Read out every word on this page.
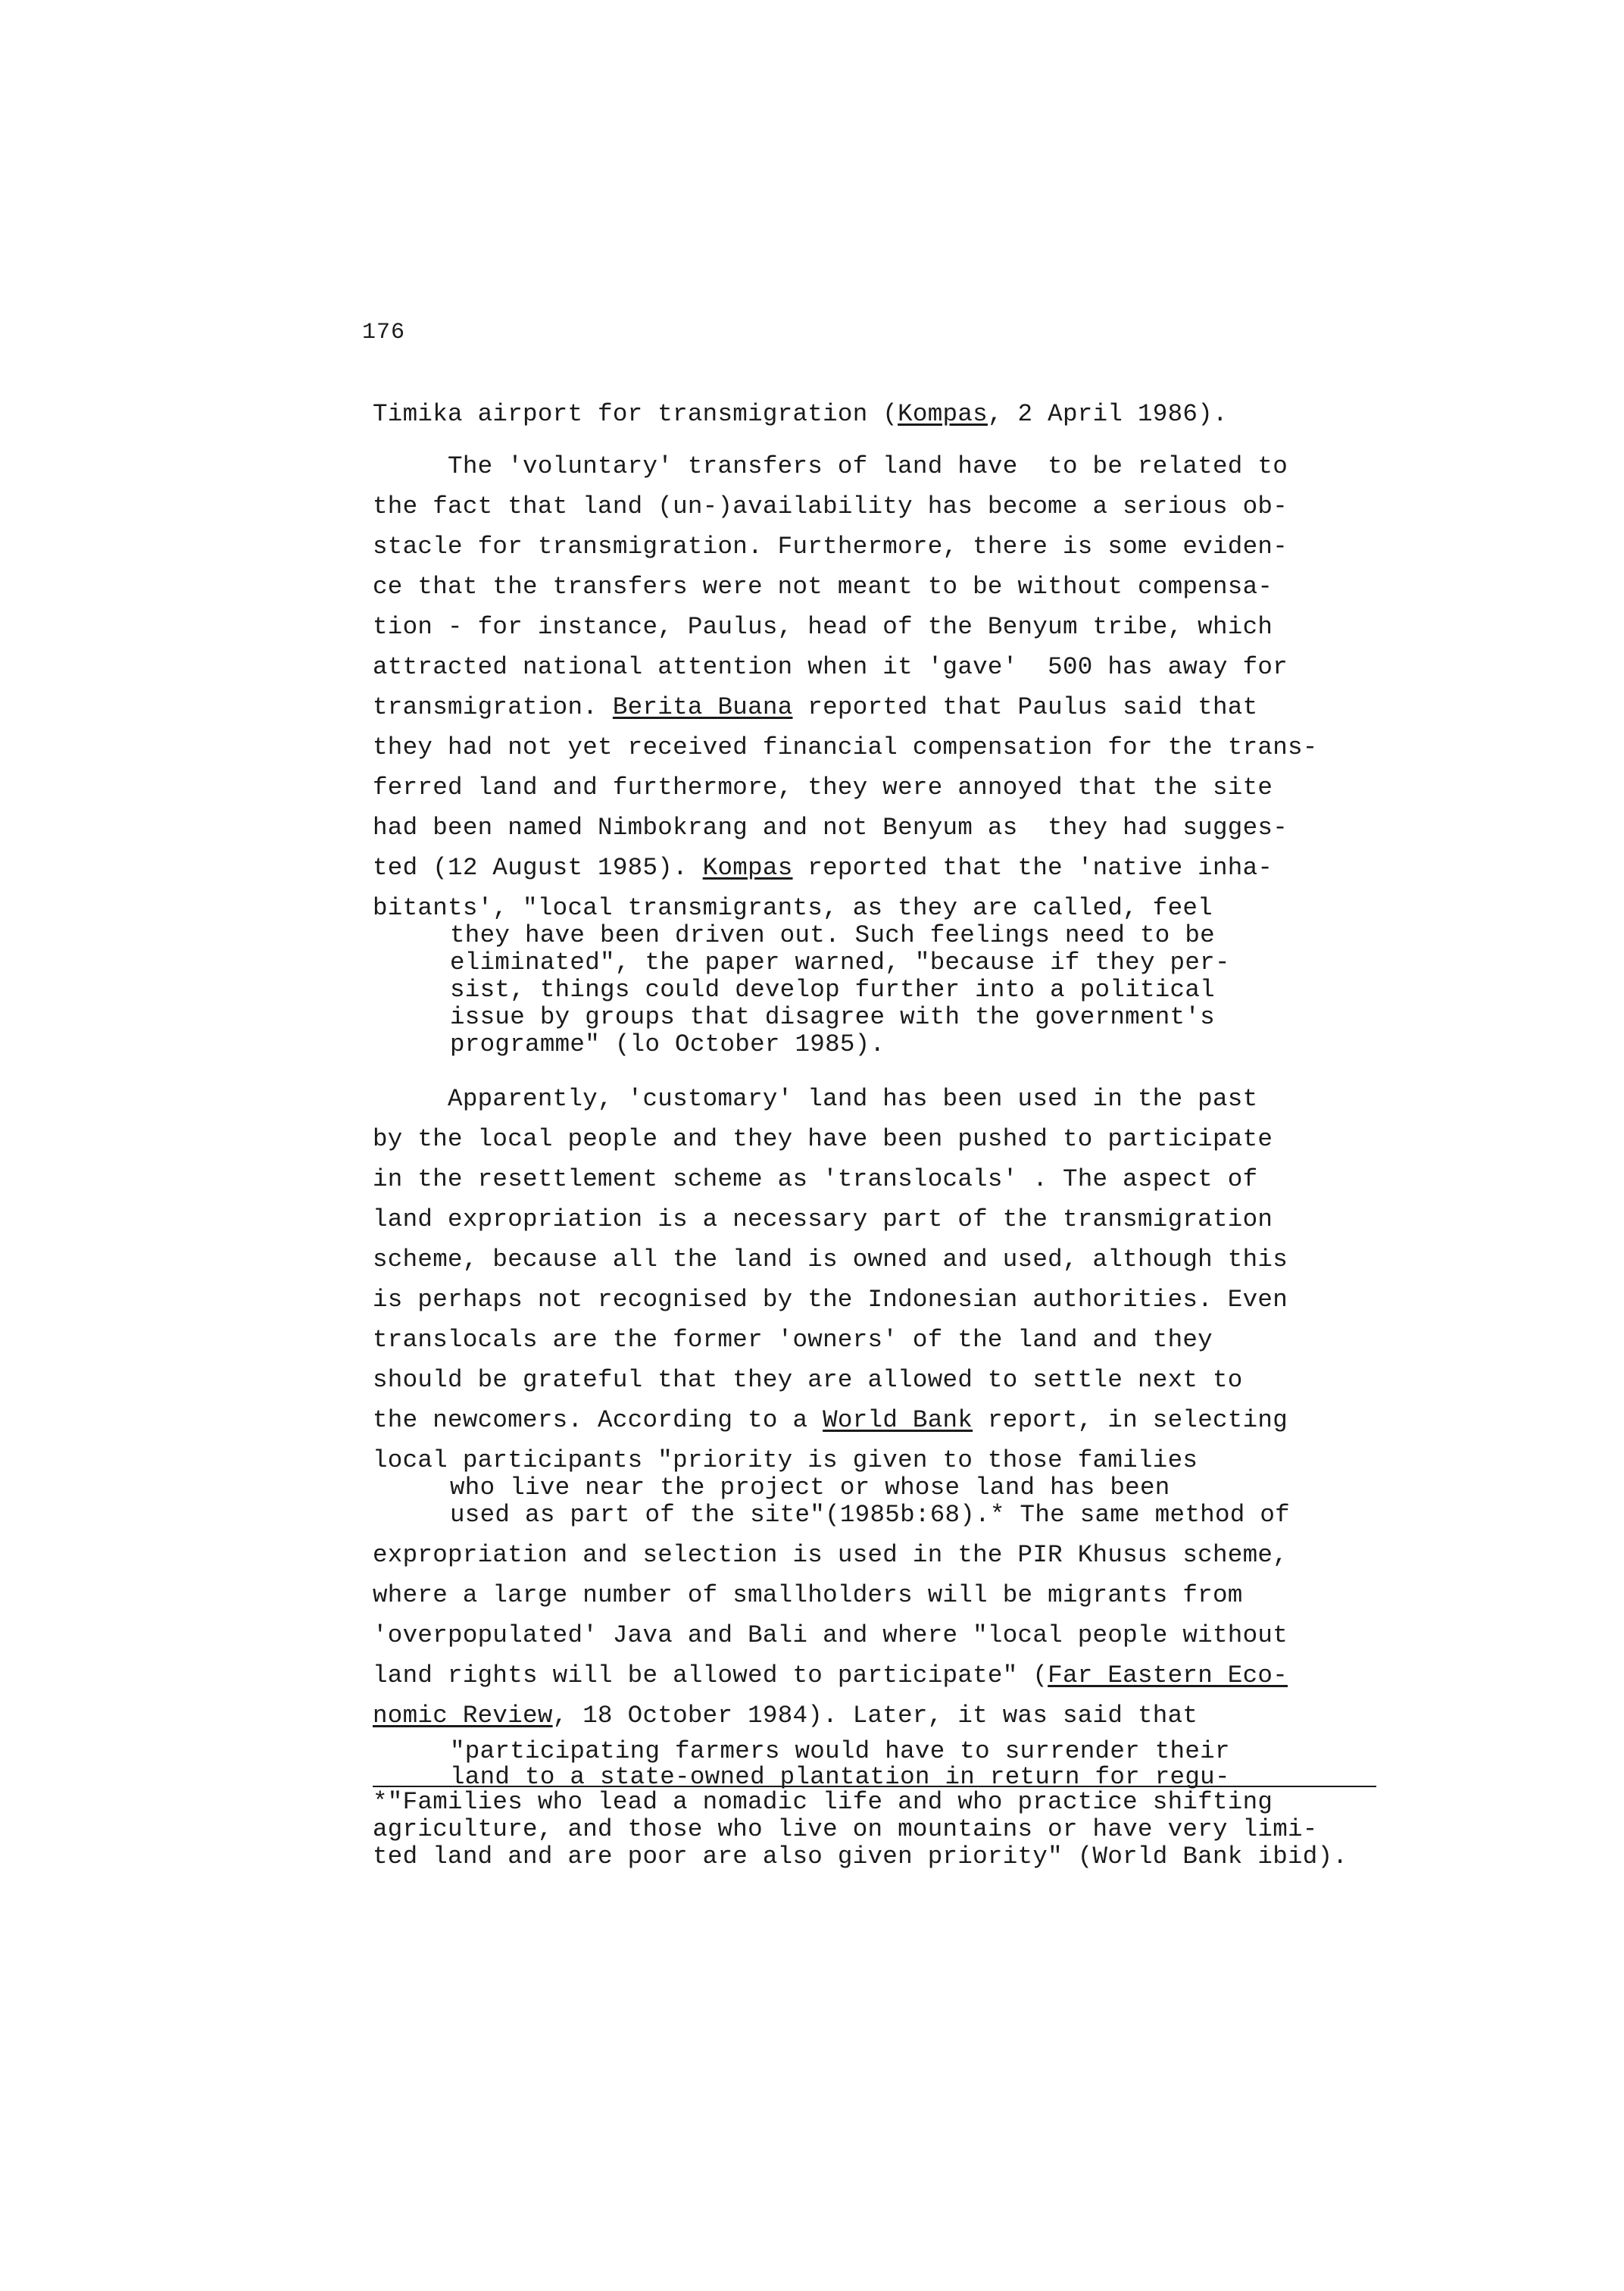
176
Timika airport for transmigration (Kompas, 2 April 1986).
The 'voluntary' transfers of land have  to be related to
the fact that land (un-)availability has become a serious ob-
stacle for transmigration. Furthermore, there is some eviden-
ce that the transfers were not meant to be without compensa-
tion - for instance, Paulus, head of the Benyum tribe, which
attracted national attention when it 'gave'  500 has away for
transmigration. Berita Buana reported that Paulus said that
they had not yet received financial compensation for the trans-
ferred land and furthermore, they were annoyed that the site
had been named Nimbokrang and not Benyum as  they had sugges-
ted (12 August 1985). Kompas reported that the 'native inha-
bitants', "local transmigrants, as they are called, feel
they have been driven out. Such feelings need to be
eliminated", the paper warned, "because if they per-
sist, things could develop further into a political
issue by groups that disagree with the government's
programme" (lo October 1985).
Apparently, 'customary' land has been used in the past
by the local people and they have been pushed to participate
in the resettlement scheme as 'translocals' . The aspect of
land expropriation is a necessary part of the transmigration
scheme, because all the land is owned and used, although this
is perhaps not recognised by the Indonesian authorities. Even
translocals are the former 'owners' of the land and they
should be grateful that they are allowed to settle next to
the newcomers. According to a World Bank report, in selecting
local participants "priority is given to those families
who live near the project or whose land has been
used as part of the site"(1985b:68).* The same method of
expropriation and selection is used in the PIR Khusus scheme,
where a large number of smallholders will be migrants from
'overpopulated' Java and Bali and where "local people without
land rights will be allowed to participate" (Far Eastern Eco-
nomic Review, 18 October 1984). Later, it was said that
"participating farmers would have to surrender their
land to a state-owned plantation in return for regu-
*"Families who lead a nomadic life and who practice shifting
agriculture, and those who live on mountains or have very limi-
ted land and are poor are also given priority" (World Bank ibid).
